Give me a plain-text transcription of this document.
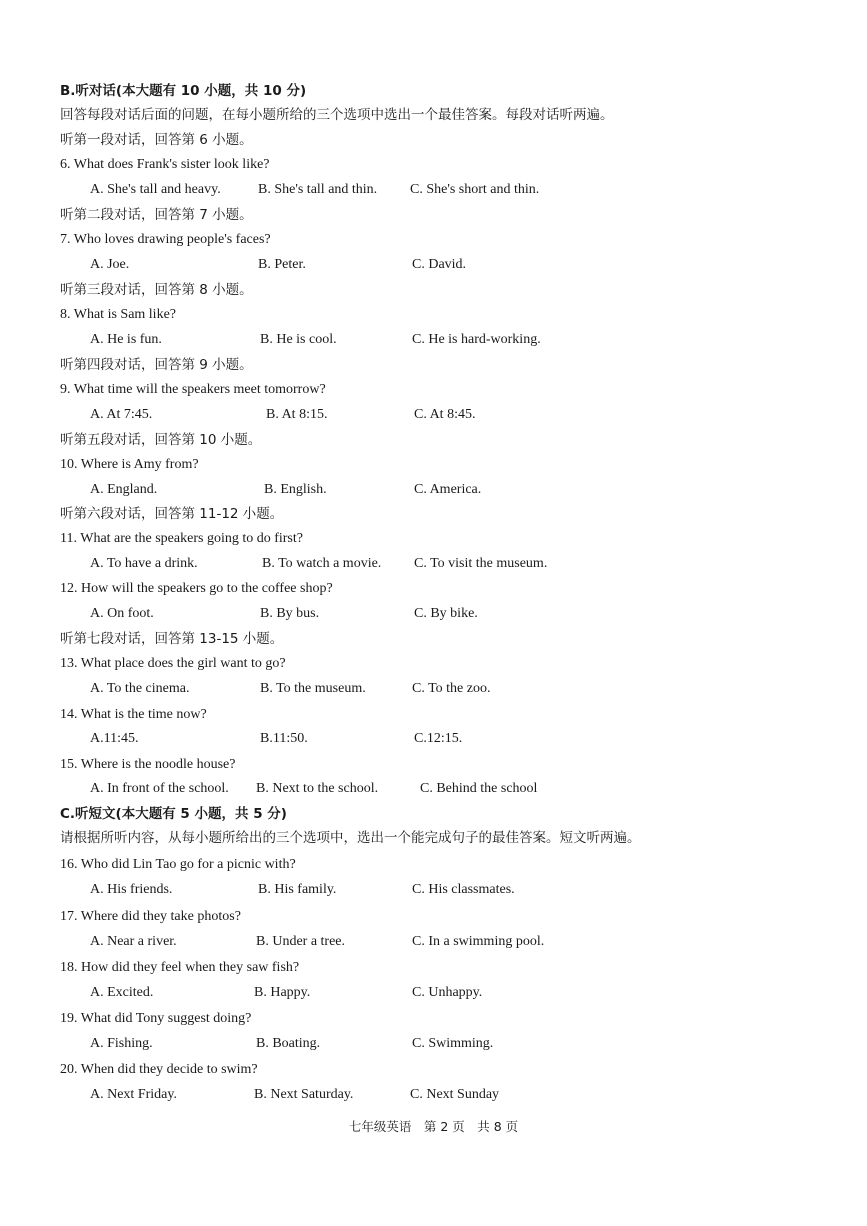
B.听对话(本大题有 10 小题，共 10 分)
回答每段对话后面的问题，在每小题所给的三个选项中选出一个最佳答案。每段对话听两遍。
听第一段对话，回答第 6 小题。
6. What does Frank's sister look like?
A. She's tall and heavy.	B. She's tall and thin. C. She's short and thin.
听第二段对话，回答第 7 小题。
7. Who loves drawing people's faces?
A. Joe.	B. Peter.	C. David.
听第三段对话，回答第 8 小题。
8. What is Sam like?
A. He is fun.	B. He is cool.	C. He is hard-working.
听第四段对话，回答第 9 小题。
9. What time will the speakers meet tomorrow?
A. At 7:45.	B. At 8:15.	C. At 8:45.
听第五段对话，回答第 10 小题。
10. Where is Amy from?
A. England.	B. English.	C. America.
听第六段对话，回答第 11-12 小题。
11. What are the speakers going to do first?
A. To have a drink.	B. To watch a movie. C. To visit the museum.
12. How will the speakers go to the coffee shop?
A. On foot.	B. By bus.	C. By bike.
听第七段对话，回答第 13-15 小题。
13. What place does the girl want to go?
A. To the cinema.	B. To the museum.	C. To the zoo.
14. What is the time now?
A.11:45.	B.11:50.	C.12:15.
15. Where is the noodle house?
A. In front of the school. B. Next to the school.	C. Behind the school
C.听短文(本大题有 5 小题，共 5 分)
请根据所听内容，从每小题所给出的三个选项中，选出一个能完成句子的最佳答案。短文听两遍。
16. Who did Lin Tao go for a picnic with?
A. His friends.	B. His family.	C. His classmates.
17. Where did they take photos?
A. Near a river.	B. Under a tree.	C. In a swimming pool.
18. How did they feel when they saw fish?
A. Excited.	B. Happy.	C. Unhappy.
19. What did Tony suggest doing?
A. Fishing.	B. Boating.	C. Swimming.
20. When did they decide to swim?
A. Next Friday.	B. Next Saturday.	C. Next Sunday
七年级英语　第 2 页　共 8 页
